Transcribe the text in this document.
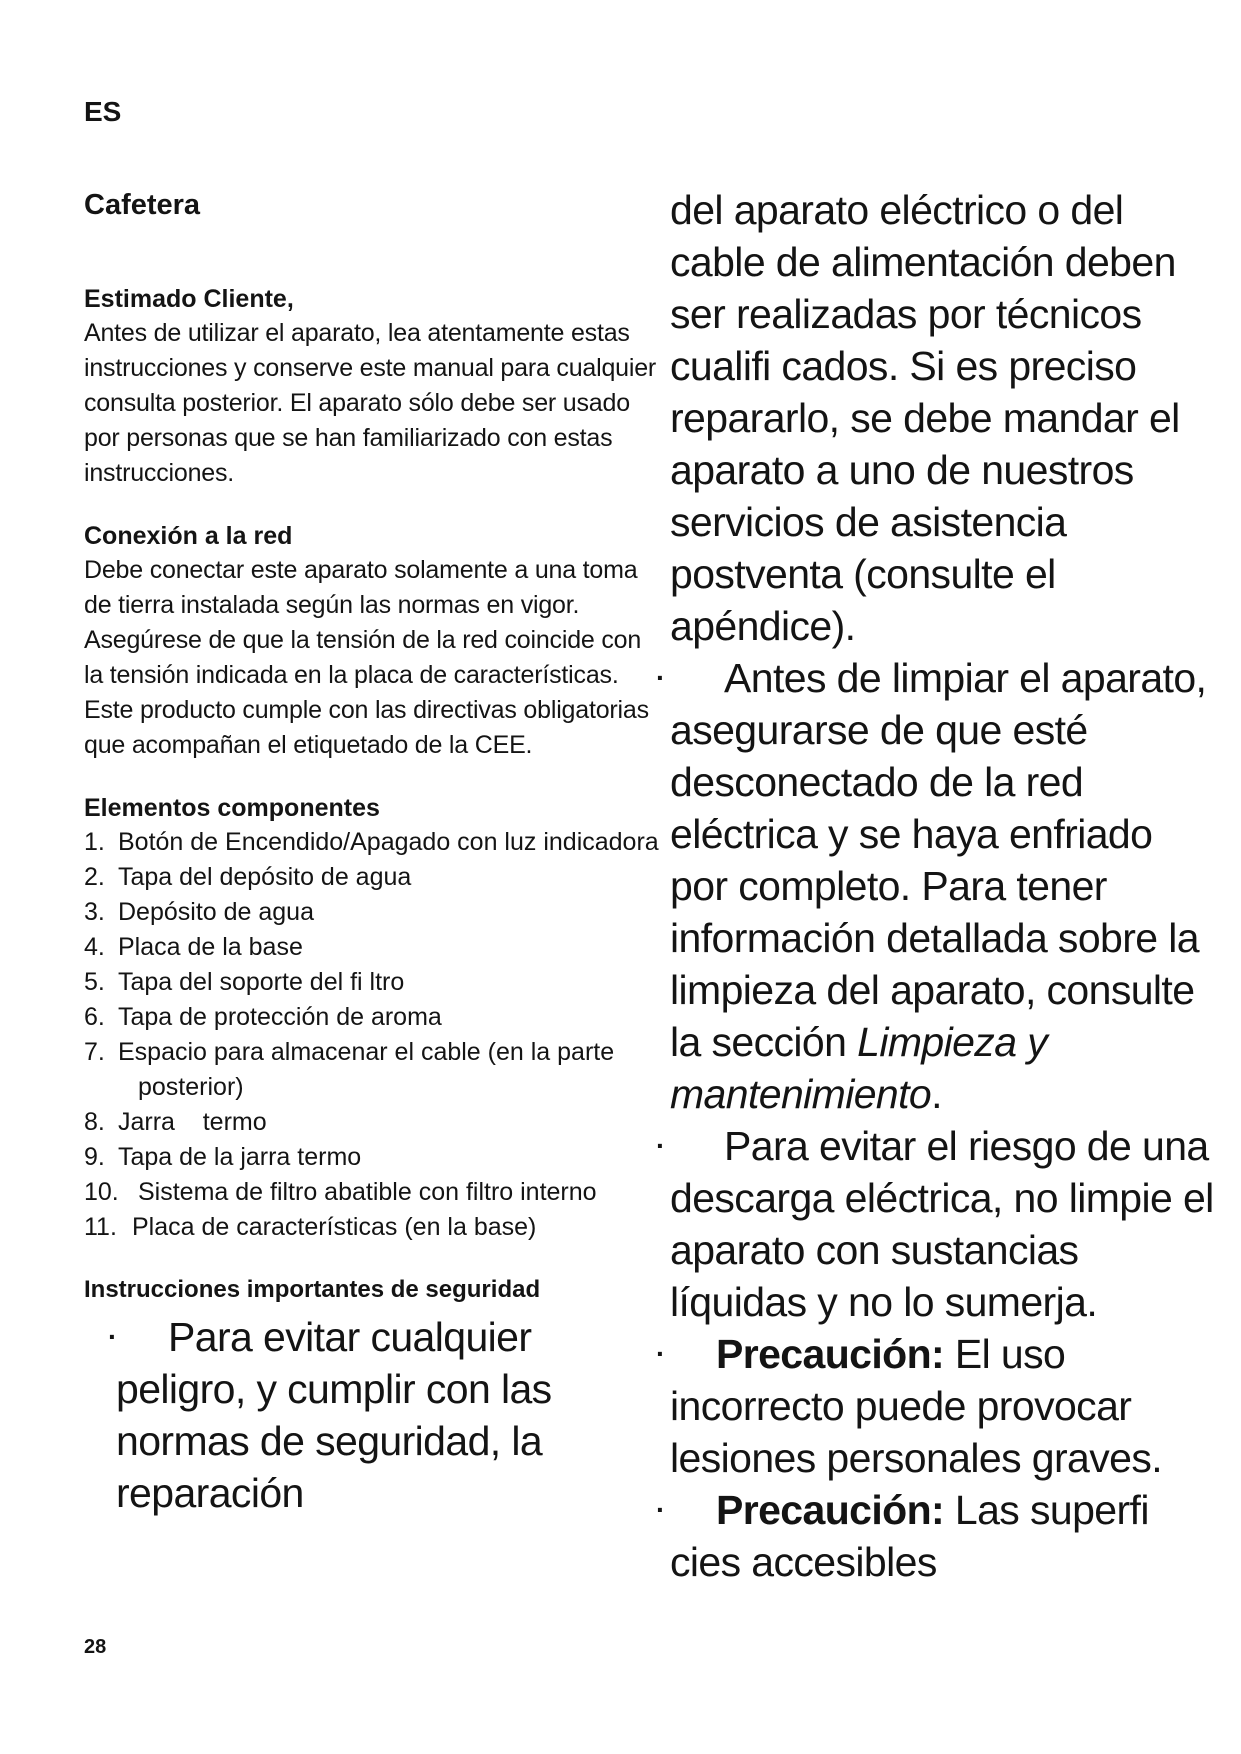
ES
Cafetera
Estimado Cliente,

Antes de utilizar el aparato, lea atentamente estas instrucciones y conserve este manual para cualquier consulta posterior. El aparato sólo debe ser usado por personas que se han familiarizado con estas instrucciones.

Conexión a la red

Debe conectar este aparato solamente a una toma de tierra instalada según las normas en vigor. Asegúrese de que la tensión de la red coincide con la tensión indicada en la placa de características. Este producto cumple con las directivas obligatorias que acompañan el etiquetado de la CEE.

Elementos componentes
1. Botón de Encendido/Apagado con luz indicadora
2. Tapa del depósito de agua
3. Depósito de agua
4. Placa de la base
5. Tapa del soporte del fi ltro
6. Tapa de protección de aroma
7. Espacio para almacenar el cable (en la parte posterior)
8. Jarra    termo
9. Tapa de la jarra termo
10. Sistema de filtro abatible con filtro interno
11. Placa de características (en la base)
Instrucciones importantes de seguridad
· Para evitar cualquier peligro, y cumplir con las normas de seguridad, la reparación

del aparato eléctrico o del cable de alimentación deben ser realizadas por técnicos cualifi cados. Si es preciso repararlo, se debe mandar el aparato a uno de nuestros servicios de asistencia postventa (consulte el apéndice).

· Antes de limpiar el aparato, asegurarse de que esté desconectado de la red eléctrica y se haya enfriado por completo. Para tener información detallada sobre la limpieza del aparato, consulte la sección Limpieza y mantenimiento.
· Para evitar el riesgo de una descarga eléctrica, no limpie el aparato con sustancias líquidas y no lo sumerja.
· Precaución: El uso incorrecto puede provocar lesiones personales graves.
· Precaución: Las superfi cies accesibles
28
